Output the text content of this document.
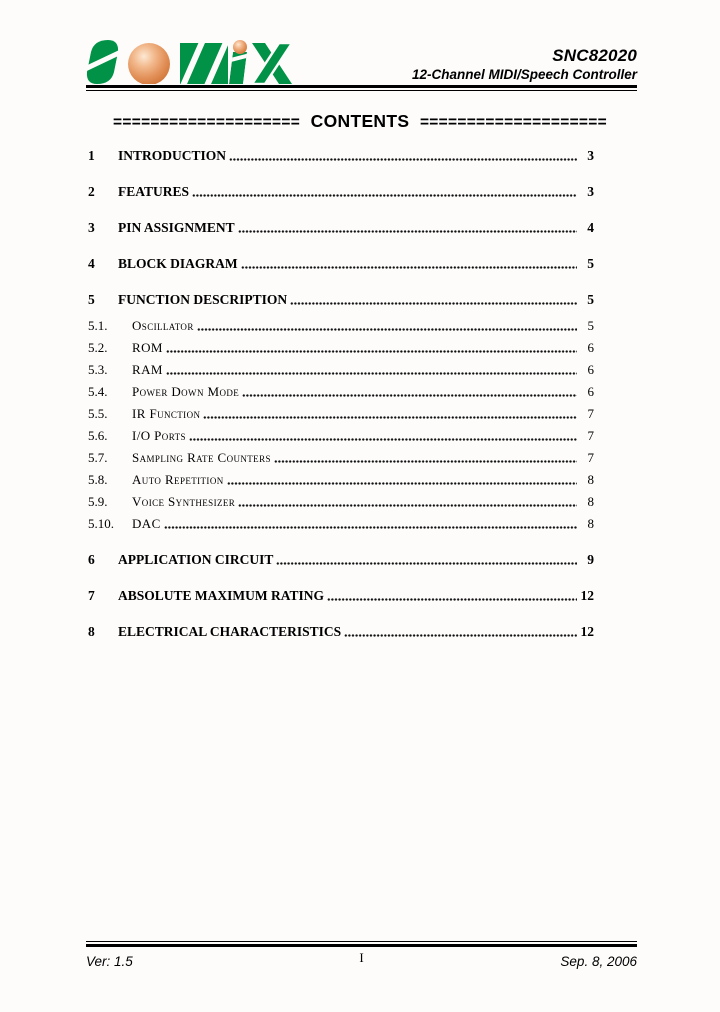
SNC82020
12-Channel MIDI/Speech Controller
==================== CONTENTS ====================
1	INTRODUCTION	3
2	FEATURES	3
3	PIN ASSIGNMENT	4
4	BLOCK DIAGRAM	5
5	FUNCTION DESCRIPTION	5
5.1.	Oscillator	5
5.2.	ROM	6
5.3.	RAM	6
5.4.	Power Down Mode	6
5.5.	IR Function	7
5.6.	I/O Ports	7
5.7.	Sampling Rate Counters	7
5.8.	Auto Repetition	8
5.9.	Voice Synthesizer	8
5.10.	DAC	8
6	APPLICATION CIRCUIT	9
7	ABSOLUTE MAXIMUM RATING	12
8	ELECTRICAL CHARACTERISTICS	12
I
Ver: 1.5	Sep. 8, 2006
